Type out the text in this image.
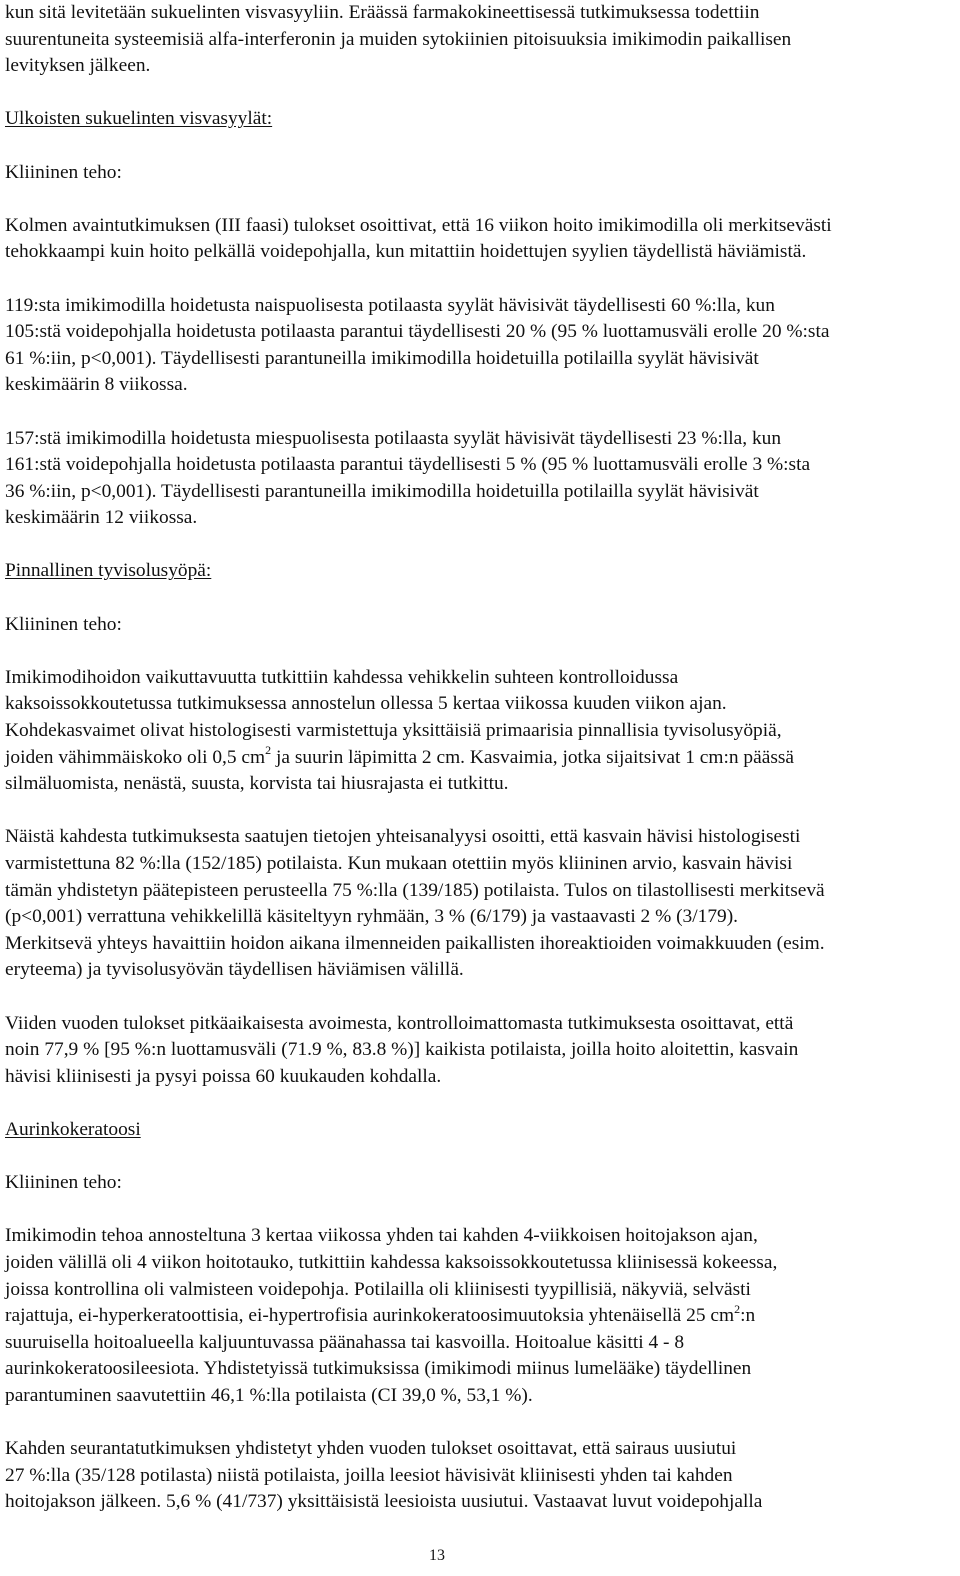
kun sitä levitetään sukuelinten visvasyyliin. Eräässä farmakokineettisessä tutkimuksessa todettiin

suurentuneita systeemisiä alfa-interferonin ja muiden sytokiinien pitoisuuksia imikimodin paikallisen

levityksen jälkeen.

Ulkoisten sukuelinten visvasyylät:

Kliininen teho:

Kolmen avaintutkimuksen (III faasi) tulokset osoittivat, että 16 viikon hoito imikimodilla oli merkitsevästi

tehokkaampi kuin hoito pelkällä voidepohjalla, kun mitattiin hoidettujen syylien täydellistä häviämistä.

119:sta imikimodilla hoidetusta naispuolisesta potilaasta syylät hävisivät täydellisesti 60 %:lla, kun

105:stä voidepohjalla hoidetusta potilaasta parantui täydellisesti 20 % (95 % luottamusväli erolle 20 %:sta

61 %:iin, p<0,001). Täydellisesti parantuneilla imikimodilla hoidetuilla potilailla syylät hävisivät

keskimäärin 8 viikossa.

157:stä imikimodilla hoidetusta miespuolisesta potilaasta syylät hävisivät täydellisesti 23 %:lla, kun

161:stä voidepohjalla hoidetusta potilaasta parantui täydellisesti 5 % (95 % luottamusväli erolle 3 %:sta

36 %:iin, p<0,001). Täydellisesti parantuneilla imikimodilla hoidetuilla potilailla syylät hävisivät

keskimäärin 12 viikossa.

Pinnallinen tyvisolusyöpä:

Kliininen teho:

Imikimodihoidon vaikuttavuutta tutkittiin kahdessa vehikkelin suhteen kontrolloidussa

kaksoissokkoutetussa tutkimuksessa annostelun ollessa 5 kertaa viikossa kuuden viikon ajan.

Kohdekasvaimet olivat histologisesti varmistettuja yksittäisiä primaarisia pinnallisia tyvisolusyöpiä,

joiden vähimmäiskoko oli 0,5 $cm^2$ ja suurin läpimitta 2 cm. Kasvaimia, jotka sijaitsivat 1 cm:n päässä

silmäluomista, nenästä, suusta, korvista tai hiusrajasta ei tutkittu.

Näistä kahdesta tutkimuksesta saatujen tietojen yhteisanalyysi osoitti, että kasvain hävisi histologisesti

varmistettuna 82 %:lla (152/185) potilaista. Kun mukaan otettiin myös kliininen arvio, kasvain hävisi

tämän yhdistetyn päätepisteen perusteella 75 %:lla (139/185) potilaista. Tulos on tilastollisesti merkitsevä

(p<0,001) verrattuna vehikkelillä käsiteltyyn ryhmään, 3 % (6/179) ja vastaavasti 2 % (3/179).

Merkitsevä yhteys havaittiin hoidon aikana ilmenneiden paikallisten ihoreaktioiden voimakkuuden (esim.

eryteema) ja tyvisolusyövän täydellisen häviämisen välillä.

Viiden vuoden tulokset pitkäaikaisesta avoimesta, kontrolloimattomasta tutkimuksesta osoittavat, että

noin 77,9 % [95 %:n luottamusväli (71.9 %, 83.8 %)] kaikista potilaista, joilla hoito aloitettin, kasvain

hävisi kliinisesti ja pysyi poissa 60 kuukauden kohdalla.

Aurinkokeratoosi

Kliininen teho:

Imikimodin tehoa annosteltuna 3 kertaa viikossa yhden tai kahden 4-viikkoisen hoitojakson ajan,

joiden välillä oli 4 viikon hoitotauko, tutkittiin kahdessa kaksoissokkoutetussa kliinisessä kokeessa,

joissa kontrollina oli valmisteen voidepohja. Potilailla oli kliinisesti tyypillisiä, näkyviä, selvästi

rajattuja, ei-hyperkeratoottisia, ei-hypertrofisia aurinkokeratoosimuutoksia yhtenäisellä 25 $cm^2:n$

suuruisella hoitoalueella kaljuuntuvassa päänahassa tai kasvoilla. Hoitoalue käsitti 4 - 8

aurinkokeratoosileesiota. Yhdistetyissä tutkimuksissa (imikimodi miinus lumelääke) täydellinen

parantuminen saavutettiin 46,1 %:lla potilaista (CI 39,0 %, 53,1 %).

Kahden seurantatutkimuksen yhdistetyt yhden vuoden tulokset osoittavat, että sairaus uusiutui

27 %:lla (35/128 potilasta) niistä potilaista, joilla leesiot hävisivät kliinisesti yhden tai kahden

hoitojakson jälkeen. 5,6 % (41/737) yksittäisistä leesioista uusiutui. Vastaavat luvut voidepohjalla

13
